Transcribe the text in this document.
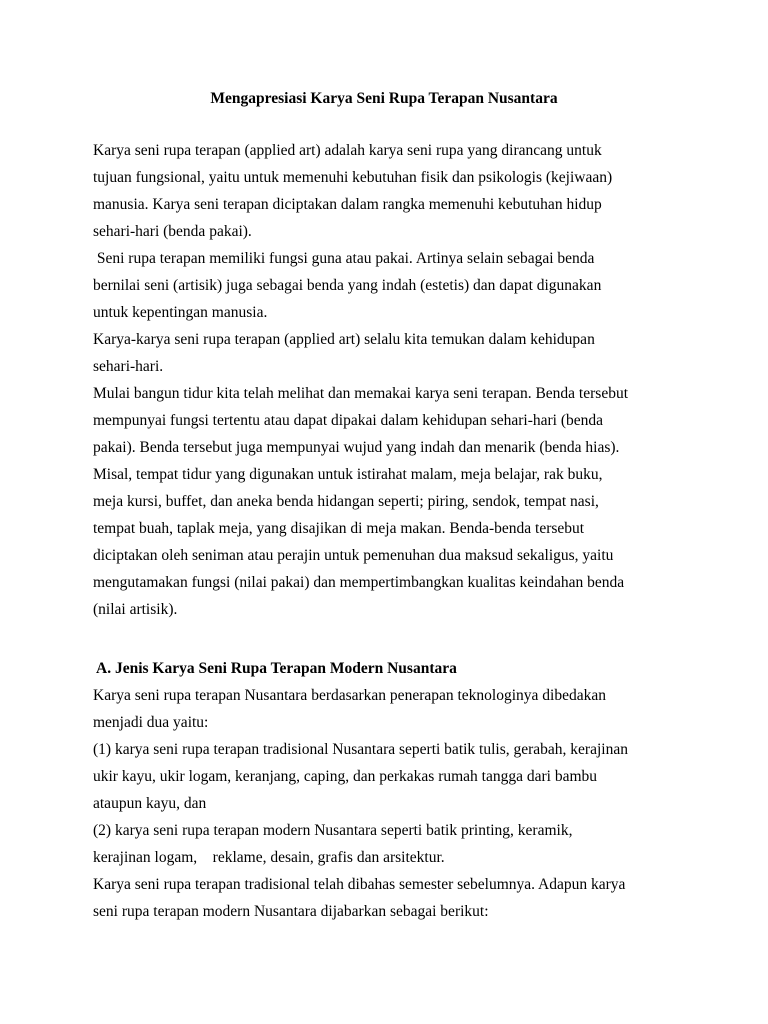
Mengapresiasi Karya Seni Rupa Terapan Nusantara
Karya seni rupa terapan (applied art) adalah karya seni rupa yang dirancang untuk
tujuan fungsional, yaitu untuk memenuhi kebutuhan fisik dan psikologis (kejiwaan)
manusia. Karya seni terapan diciptakan dalam rangka memenuhi kebutuhan hidup
sehari-hari (benda pakai).
Seni rupa terapan memiliki fungsi guna atau pakai. Artinya selain sebagai benda
bernilai seni (artisik) juga sebagai benda yang indah (estetis) dan dapat digunakan
untuk kepentingan manusia.
Karya-karya seni rupa terapan (applied art) selalu kita temukan dalam kehidupan
sehari-hari.
Mulai bangun tidur kita telah melihat dan memakai karya seni terapan. Benda tersebut
mempunyai fungsi tertentu atau dapat dipakai dalam kehidupan sehari-hari (benda
pakai). Benda tersebut juga mempunyai wujud yang indah dan menarik (benda hias).
Misal, tempat tidur yang digunakan untuk istirahat malam, meja belajar, rak buku,
meja kursi, buffet, dan aneka benda hidangan seperti; piring, sendok, tempat nasi,
tempat buah, taplak meja, yang disajikan di meja makan. Benda-benda tersebut
diciptakan oleh seniman atau perajin untuk pemenuhan dua maksud sekaligus, yaitu
mengutamakan fungsi (nilai pakai) dan mempertimbangkan kualitas keindahan benda
(nilai artisik).
A. Jenis Karya Seni Rupa Terapan Modern Nusantara
Karya seni rupa terapan Nusantara berdasarkan penerapan teknologinya dibedakan
menjadi dua yaitu:
(1) karya seni rupa terapan tradisional Nusantara seperti batik tulis, gerabah, kerajinan
ukir kayu, ukir logam, keranjang, caping, dan perkakas rumah tangga dari bambu
ataupun kayu, dan
(2) karya seni rupa terapan modern Nusantara seperti batik printing, keramik,
kerajinan logam,    reklame, desain, grafis dan arsitektur.
Karya seni rupa terapan tradisional telah dibahas semester sebelumnya. Adapun karya
seni rupa terapan modern Nusantara dijabarkan sebagai berikut:
